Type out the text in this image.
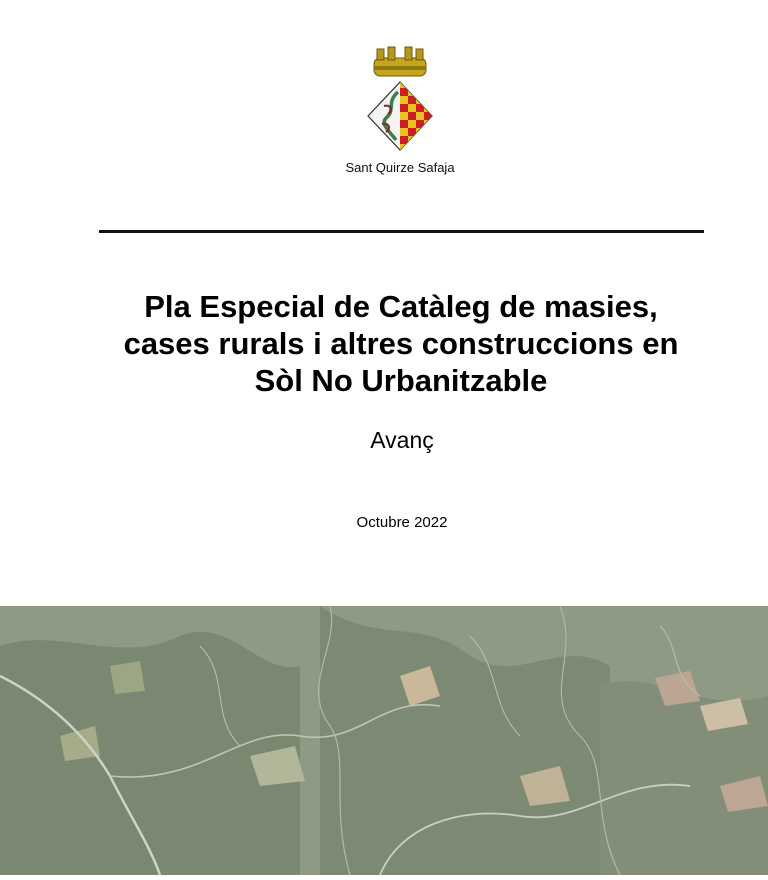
Sant Quirze Safaja
Pla Especial de Catàleg de masies,
cases rurals i altres construccions en
Sòl No Urbanitzable
Avanç
Octubre 2022
